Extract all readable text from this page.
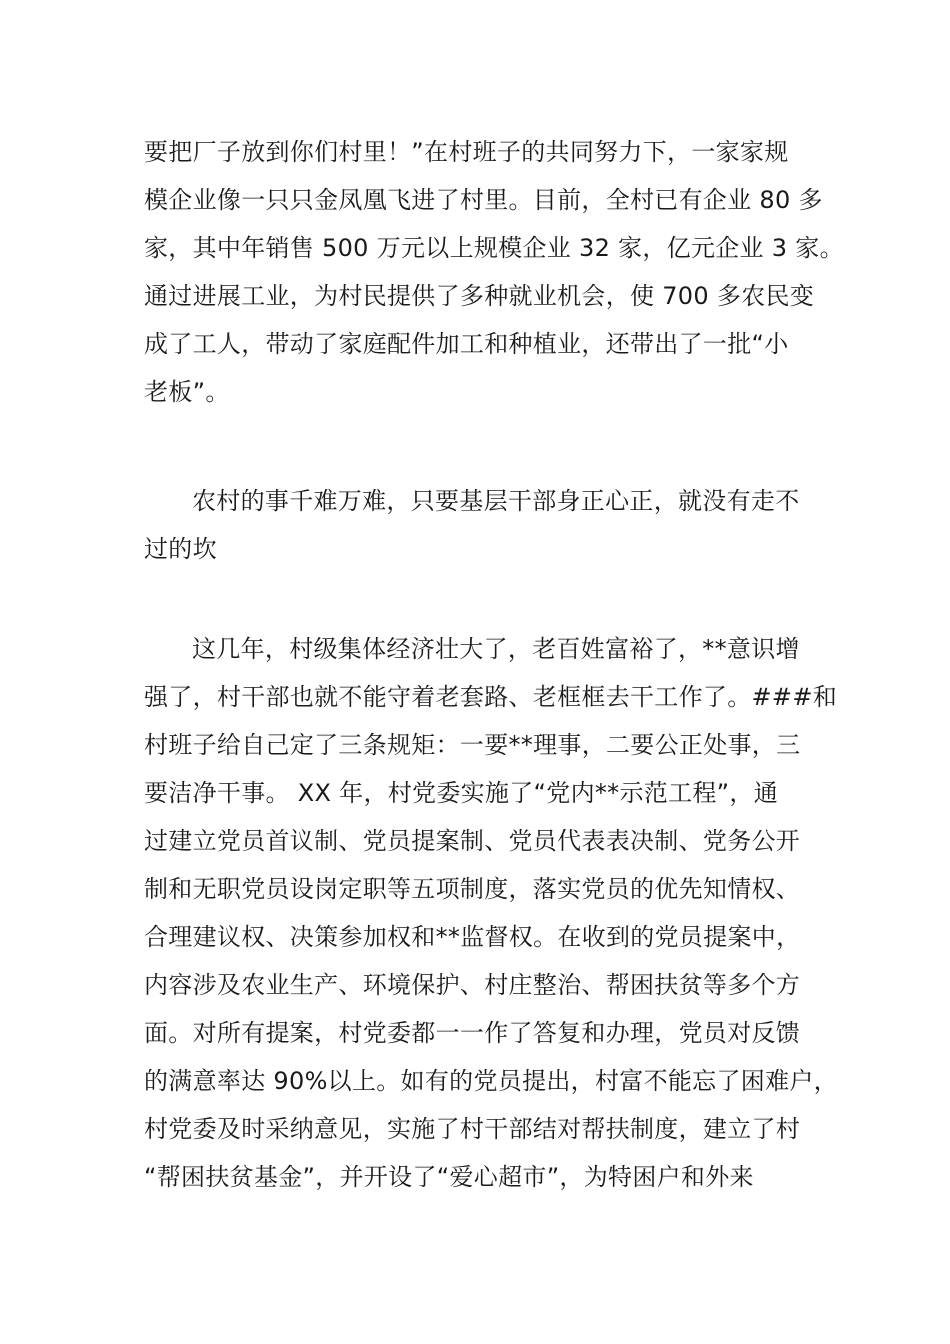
要把厂子放到你们村里！”在村班子的共同努力下，一家家规
模企业像一只只金凤凰飞进了村里。目前，全村已有企业 80 多
家，其中年销售 500 万元以上规模企业 32 家，亿元企业 3 家。
通过进展工业，为村民提供了多种就业机会，使 700 多农民变
成了工人，带动了家庭配件加工和种植业，还带出了一批“小
老板”。
农村的事千难万难，只要基层干部身正心正，就没有走不
过的坎
这几年，村级集体经济壮大了，老百姓富裕了，**意识增
强了，村干部也就不能守着老套路、老框框去干工作了。###和
村班子给自己定了三条规矩：一要**理事，二要公正处事，三
要洁净干事。 XX 年，村党委实施了“党内**示范工程”，通
过建立党员首议制、党员提案制、党员代表表决制、党务公开
制和无职党员设岗定职等五项制度，落实党员的优先知情权、
合理建议权、决策参加权和**监督权。在收到的党员提案中，
内容涉及农业生产、环境保护、村庄整治、帮困扶贫等多个方
面。对所有提案，村党委都一一作了答复和办理，党员对反馈
的满意率达 90%以上。如有的党员提出，村富不能忘了困难户，
村党委及时采纳意见，实施了村干部结对帮扶制度，建立了村
“帮困扶贫基金”，并开设了“爱心超市”，为特困户和外来
